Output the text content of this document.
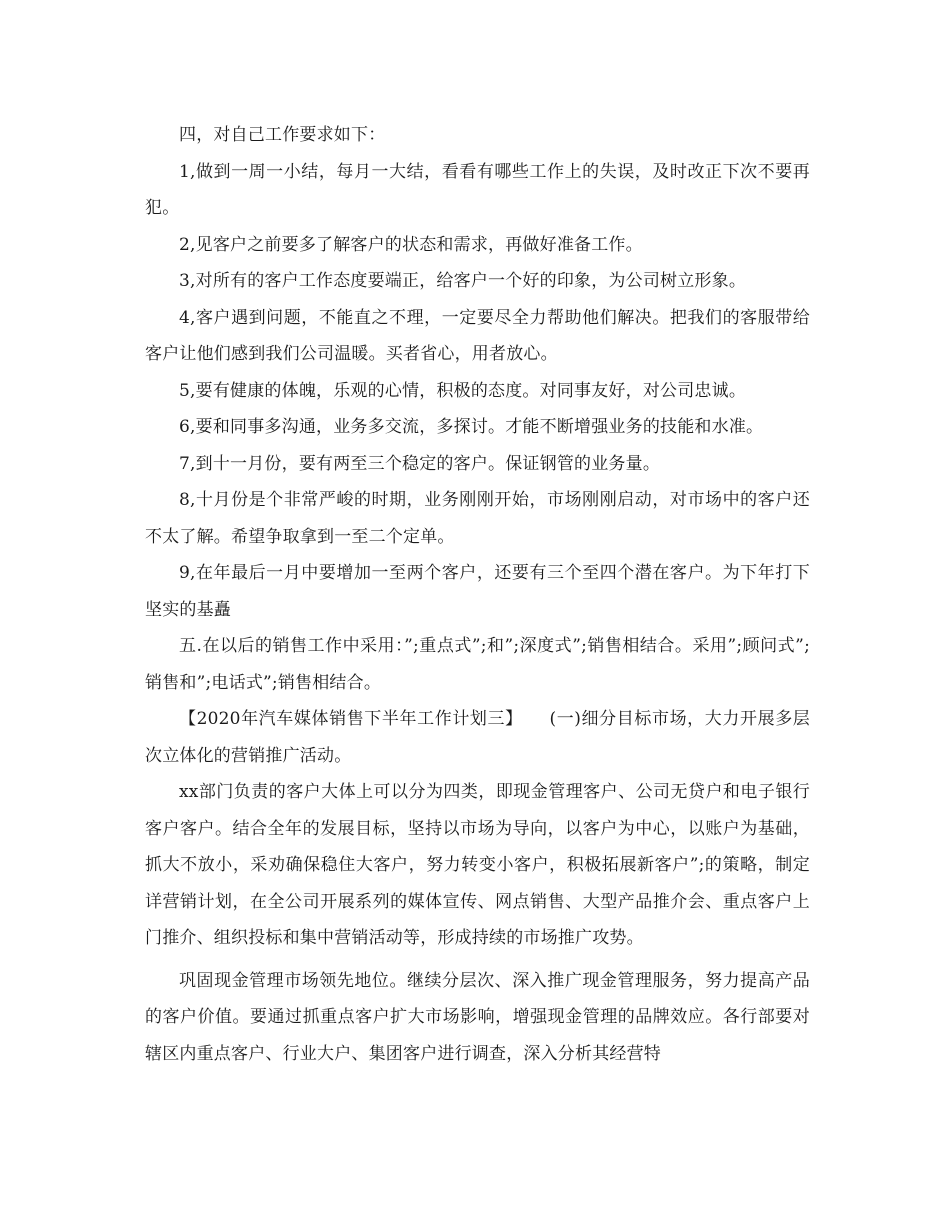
四，对自己工作要求如下：

1,做到一周一小结，每月一大结，看看有哪些工作上的失误，及时改正下次不要再犯。

2,见客户之前要多了解客户的状态和需求，再做好准备工作。

3,对所有的客户工作态度要端正，给客户一个好的印象，为公司树立形象。

4,客户遇到问题，不能直之不理，一定要尽全力帮助他们解决。把我们的客服带给客户让他们感到我们公司温暖。买者省心，用者放心。

5,要有健康的体魄，乐观的心情，积极的态度。对同事友好，对公司忠诚。

6,要和同事多沟通，业务多交流，多探讨。才能不断增强业务的技能和水准。

7,到十一月份，要有两至三个稳定的客户。保证钢管的业务量。

8,十月份是个非常严峻的时期，业务刚刚开始，市场刚刚启动，对市场中的客户还不太了解。希望争取拿到一至二个定单。

9,在年最后一月中要增加一至两个客户，还要有三个至四个潜在客户。为下年打下坚实的基矗

五.在以后的销售工作中采用：”;重点式”;和”;深度式”;销售相结合。采用”;顾问式”;销售和”;电话式”;销售相结合。

【2020年汽车媒体销售下半年工作计划三】　　(一)细分目标市场，大力开展多层次立体化的营销推广活动。

xx部门负责的客户大体上可以分为四类，即现金管理客户、公司无贷户和电子银行客户客户。结合全年的发展目标，坚持以市场为导向，以客户为中心，以账户为基础，抓大不放小，采劝确保稳住大客户，努力转变小客户，积极拓展新客户”;的策略，制定详营销计划，在全公司开展系列的媒体宣传、网点销售、大型产品推介会、重点客户上门推介、组织投标和集中营销活动等，形成持续的市场推广攻势。

巩固现金管理市场领先地位。继续分层次、深入推广现金管理服务，努力提高产品的客户价值。要通过抓重点客户扩大市场影响，增强现金管理的品牌效应。各行部要对辖区内重点客户、行业大户、集团客户进行调查，深入分析其经营特
